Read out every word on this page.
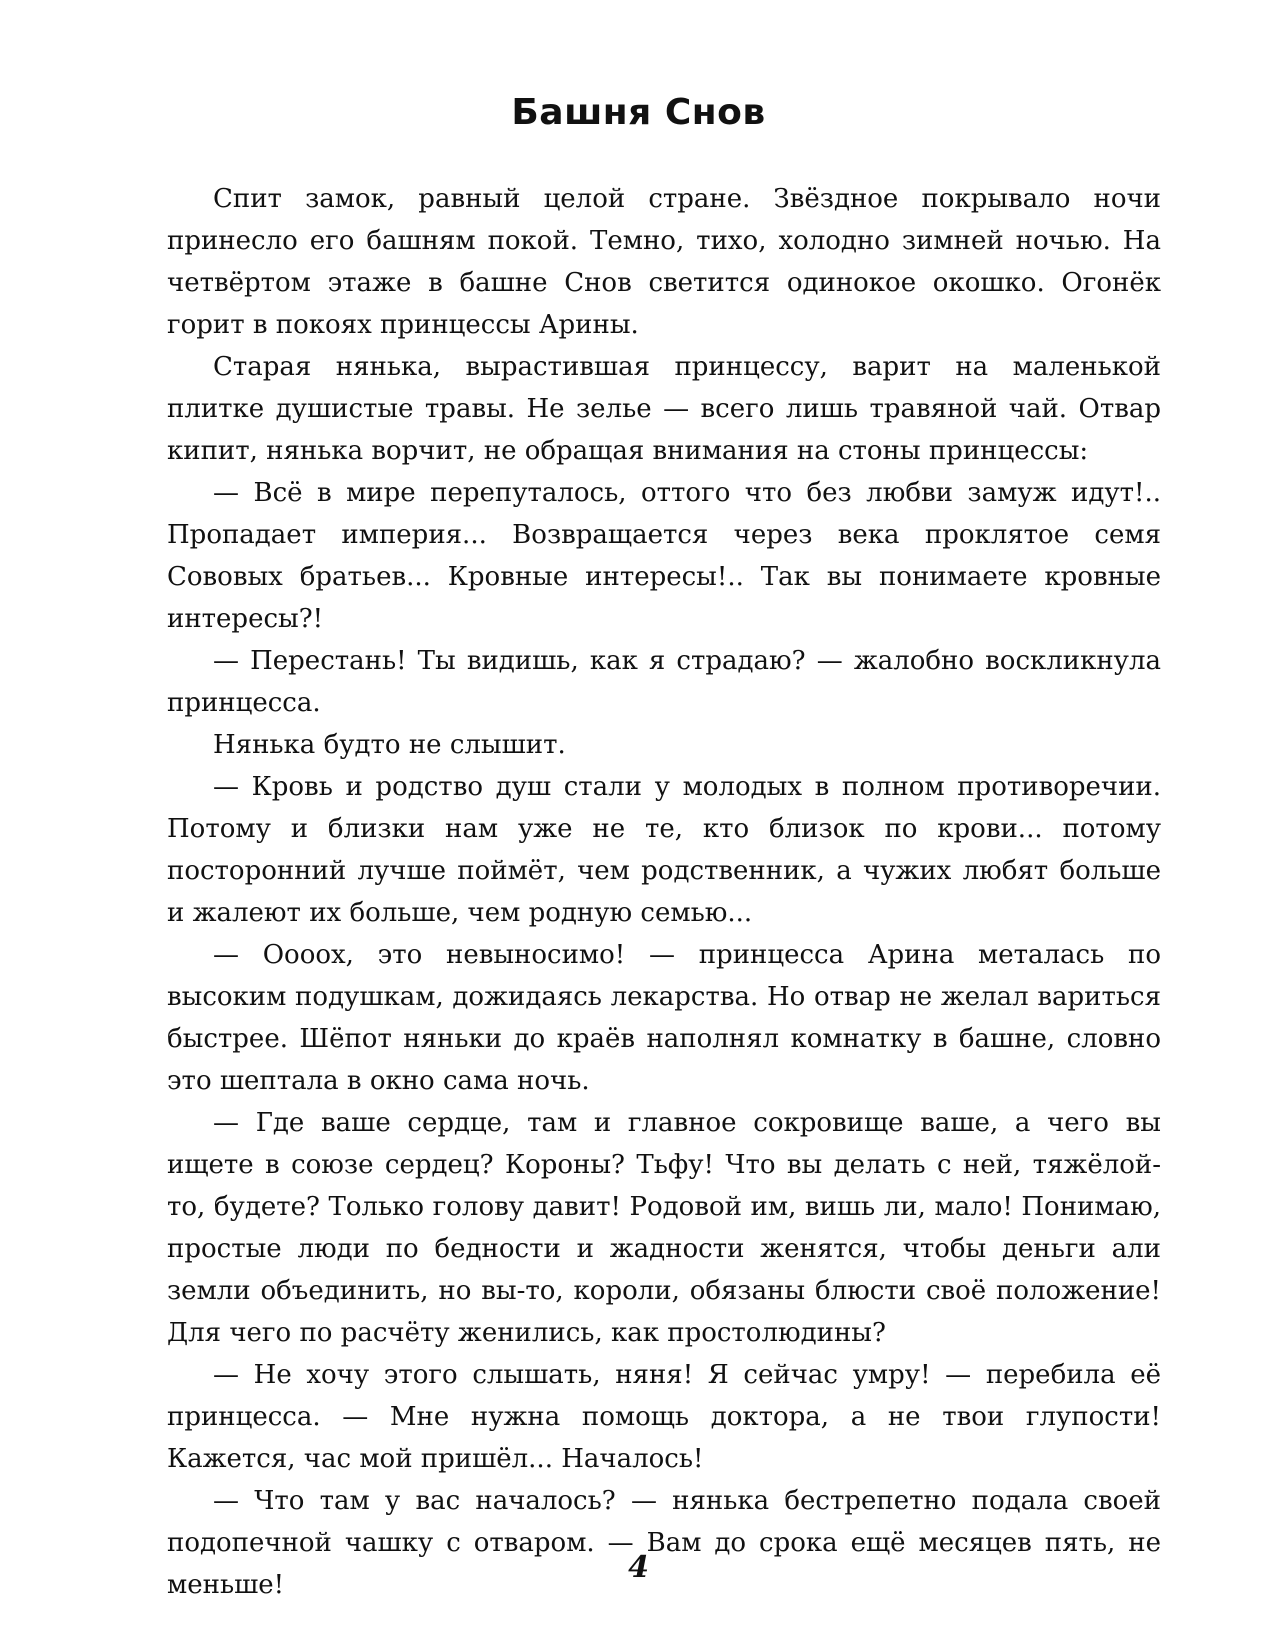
Башня Снов

Спит замок, равный целой стране. Звёздное покрывало ночи принесло его башням покой. Темно, тихо, холодно зимней ночью. На четвёртом этаже в башне Снов светится одинокое окошко. Огонёк горит в покоях принцессы Арины.

Старая нянька, вырастившая принцессу, варит на маленькой плитке душистые травы. Не зелье — всего лишь травяной чай. Отвар кипит, нянька ворчит, не обращая внимания на стоны принцессы:

— Всё в мире перепуталось, оттого что без любви замуж идут!.. Пропадает империя... Возвращается через века проклятое семя Сововых братьев... Кровные интересы!.. Так вы понимаете кровные интересы?!

— Перестань! Ты видишь, как я страдаю? — жалобно воскликнула принцесса.

Нянька будто не слышит.

— Кровь и родство душ стали у молодых в полном противоречии. Потому и близки нам уже не те, кто близок по крови... потому посторонний лучше поймёт, чем родственник, а чужих любят больше и жалеют их больше, чем родную семью...

— Ооoох, это невыносимо! — принцесса Арина металась по высоким подушкам, дожидаясь лекарства. Но отвар не желал вариться быстрее. Шёпот няньки до краёв наполнял комнатку в башне, словно это шептала в окно сама ночь.

— Где ваше сердце, там и главное сокровище ваше, а чего вы ищете в союзе сердец? Короны? Тьфу! Что вы делать с ней, тяжёлой-то, будете? Только голову давит! Родовой им, вишь ли, мало! Понимаю, простые люди по бедности и жадности женятся, чтобы деньги али земли объединить, но вы-то, короли, обязаны блюсти своё положение! Для чего по расчёту женились, как простолюдины?

— Не хочу этого слышать, няня! Я сейчас умру! — перебила её принцесса. — Мне нужна помощь доктора, а не твои глупости! Кажется, час мой пришёл... Началось!

— Что там у вас началось? — нянька бестрепетно подала своей подопечной чашку с отваром. — Вам до срока ещё месяцев пять, не меньше!	4
